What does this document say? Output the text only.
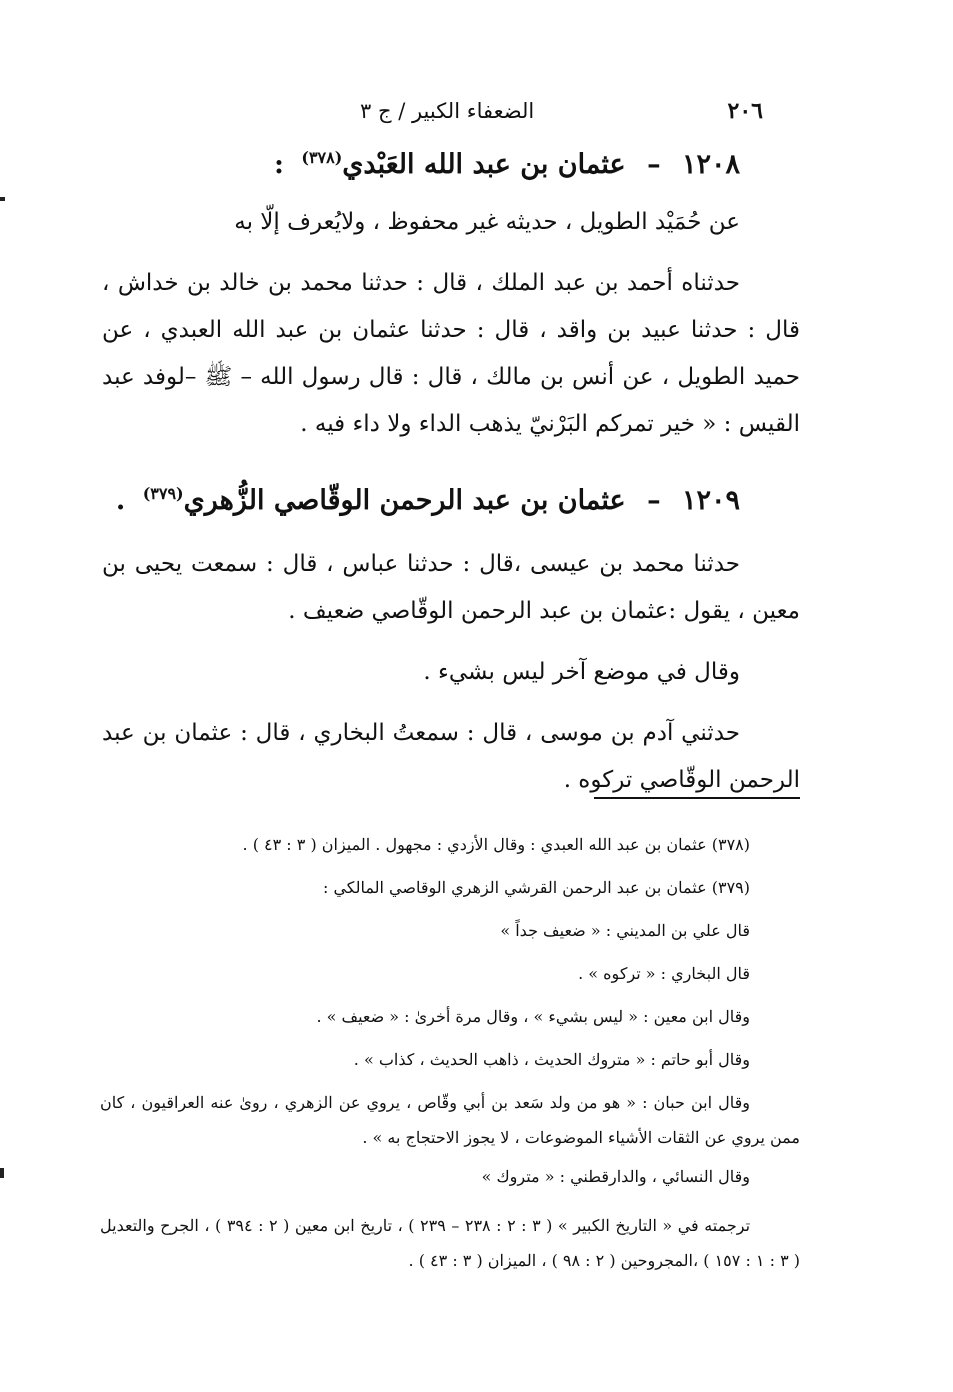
٢٠٦
الضعفاء الكبير / ج ٣
١٢٠٨ – عثمان بن عبد الله العَبْدي$^{(٣٧٨)}$ :

عن حُمَيْد الطويل ، حديثه غير محفوظ ، ولايُعرف إلّا به

حدثناه أحمد بن عبد الملك ، قال : حدثنا محمد بن خالد بن خداش ، قال : حدثنا عبيد بن واقد ، قال : حدثنا عثمان بن عبد الله العبدي ، عن حميد الطويل ، عن أنس بن مالك ، قال : قال رسول الله – ﷺ –لوفد عبد القيس : « خير تمركم البَرْنيّ يذهب الداء ولا داء فيه .

١٢٠٩ – عثمان بن عبد الرحمن الوقّاصي الزُّهري$^{(٣٧٩)}$ .

حدثنا محمد بن عيسى ،قال : حدثنا عباس ، قال : سمعت يحيى بن معين ، يقول :عثمان بن عبد الرحمن الوقّاصي ضعيف .

وقال في موضع آخر ليس بشيء .

حدثني آدم بن موسى ، قال : سمعتُ البخاري ، قال : عثمان بن عبد الرحمن الوقّاصي تركوه .

(٣٧٨) عثمان بن عبد الله العبدي : وقال الأزدي : مجهول . الميزان ( ٣ : ٤٣ ) .

(٣٧٩) عثمان بن عبد الرحمن القرشي الزهري الوقاصي المالكي :

قال علي بن المديني : « ضعيف جداً »

قال البخاري : « تركوه » .

وقال ابن معين : « ليس بشيء » ، وقال مرة أخرىٰ : « ضعيف » .

وقال أبو حاتم : « متروك الحديث ، ذاهب الحديث ، كذاب » .

وقال ابن حبان : « هو من ولد سَعد بن أبي وقّاص ، يروي عن الزهري ، روىٰ عنه العراقيون ، كان ممن يروي عن الثقات الأشياء الموضوعات ، لا يجوز الاحتجاج به » .

وقال النسائي ، والدارقطني : « متروك »

ترجمته في « التاريخ الكبير » ( ٣ : ٢ : ٢٣٨ – ٢٣٩ ) ، تاريخ ابن معين ( ٢ : ٣٩٤ ) ، الجرح والتعديل ( ٣ : ١ : ١٥٧ ) ،المجروحين ( ٢ : ٩٨ ) ، الميزان ( ٣ : ٤٣ ) .
